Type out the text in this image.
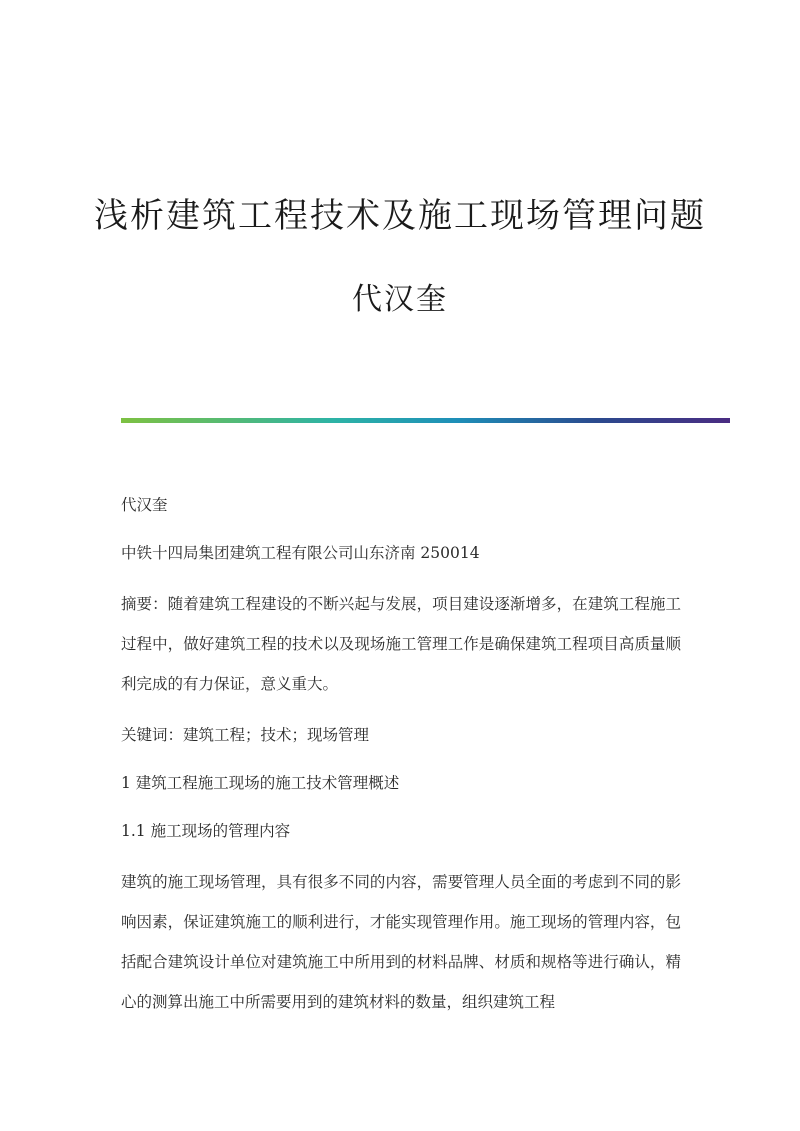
浅析建筑工程技术及施工现场管理问题
代汉奎

代汉奎

中铁十四局集团建筑工程有限公司山东济南 250014

摘要：随着建筑工程建设的不断兴起与发展，项目建设逐渐增多，在建筑工程施工过程中，做好建筑工程的技术以及现场施工管理工作是确保建筑工程项目高质量顺利完成的有力保证，意义重大。

关键词：建筑工程；技术；现场管理

1 建筑工程施工现场的施工技术管理概述

1.1 施工现场的管理内容

建筑的施工现场管理，具有很多不同的内容，需要管理人员全面的考虑到不同的影响因素，保证建筑施工的顺利进行，才能实现管理作用。施工现场的管理内容，包括配合建筑设计单位对建筑施工中所用到的材料品牌、材质和规格等进行确认，精心的测算出施工中所需要用到的建筑材料的数量，组织建筑工程
